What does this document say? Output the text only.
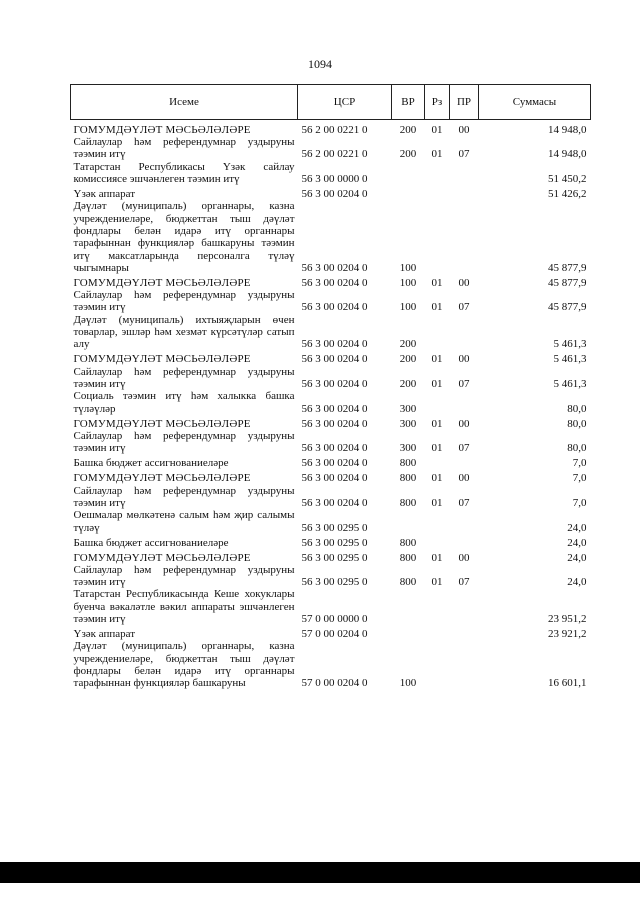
1094
Исеме	ЦСР	ВР	Рз	ПР	Суммасы
ГОМУМДӘҮЛӘТ МӘСЬӘЛӘЛӘРЕ	56 2 00 0221 0	200	01	00	14 948,0
Сайлаулар һәм референдумнар уздыруны тәэмин итү	56 2 00 0221 0	200	01	07	14 948,0
Татарстан Республикасы Үзәк сайлау комиссиясе эшчәнлеген тәэмин итү	56 3 00 0000 0				51 450,2
Үзәк аппарат	56 3 00 0204 0				51 426,2
Дәүләт (муниципаль) органнары, казна учреждениеләре, бюджеттан тыш дәүләт фондлары белән идарә итү органнары тарафыннан функцияләр башкаруны тәэмин итү максатларында персоналга түләү чыгымнары	56 3 00 0204 0	100			45 877,9
ГОМУМДӘҮЛӘТ МӘСЬӘЛӘЛӘРЕ	56 3 00 0204 0	100	01	00	45 877,9
Сайлаулар һәм референдумнар уздыруны тәэмин итү	56 3 00 0204 0	100	01	07	45 877,9
Дәүләт (муниципаль) ихтыяҗларын өчен товарлар, эшләр һәм хезмәт күрсәтүләр сатып алу	56 3 00 0204 0	200			5 461,3
ГОМУМДӘҮЛӘТ МӘСЬӘЛӘЛӘРЕ	56 3 00 0204 0	200	01	00	5 461,3
Сайлаулар һәм референдумнар уздыруны тәэмин итү	56 3 00 0204 0	200	01	07	5 461,3
Социаль тәэмин итү һәм халыкка башка түләүләр	56 3 00 0204 0	300			80,0
ГОМУМДӘҮЛӘТ МӘСЬӘЛӘЛӘРЕ	56 3 00 0204 0	300	01	00	80,0
Сайлаулар һәм референдумнар уздыруны тәэмин итү	56 3 00 0204 0	300	01	07	80,0
Башка бюджет ассигнованиеләре	56 3 00 0204 0	800			7,0
ГОМУМДӘҮЛӘТ МӘСЬӘЛӘЛӘРЕ	56 3 00 0204 0	800	01	00	7,0
Сайлаулар һәм референдумнар уздыруны тәэмин итү	56 3 00 0204 0	800	01	07	7,0
Оешмалар мөлкәтенә салым һәм җир салымы түләү	56 3 00 0295 0				24,0
Башка бюджет ассигнованиеләре	56 3 00 0295 0	800			24,0
ГОМУМДӘҮЛӘТ МӘСЬӘЛӘЛӘРЕ	56 3 00 0295 0	800	01	00	24,0
Сайлаулар һәм референдумнар уздыруны тәэмин итү	56 3 00 0295 0	800	01	07	24,0
Татарстан Республикасында Кеше хокуклары буенча вәкаләтле вәкил аппараты эшчәнлеген тәэмин итү	57 0 00 0000 0				23 951,2
Үзәк аппарат	57 0 00 0204 0				23 921,2
Дәүләт (муниципаль) органнары, казна учреждениеләре, бюджеттан тыш дәүләт фондлары белән идарә итү органнары тарафыннан функцияләр башкаруны	57 0 00 0204 0	100			16 601,1
